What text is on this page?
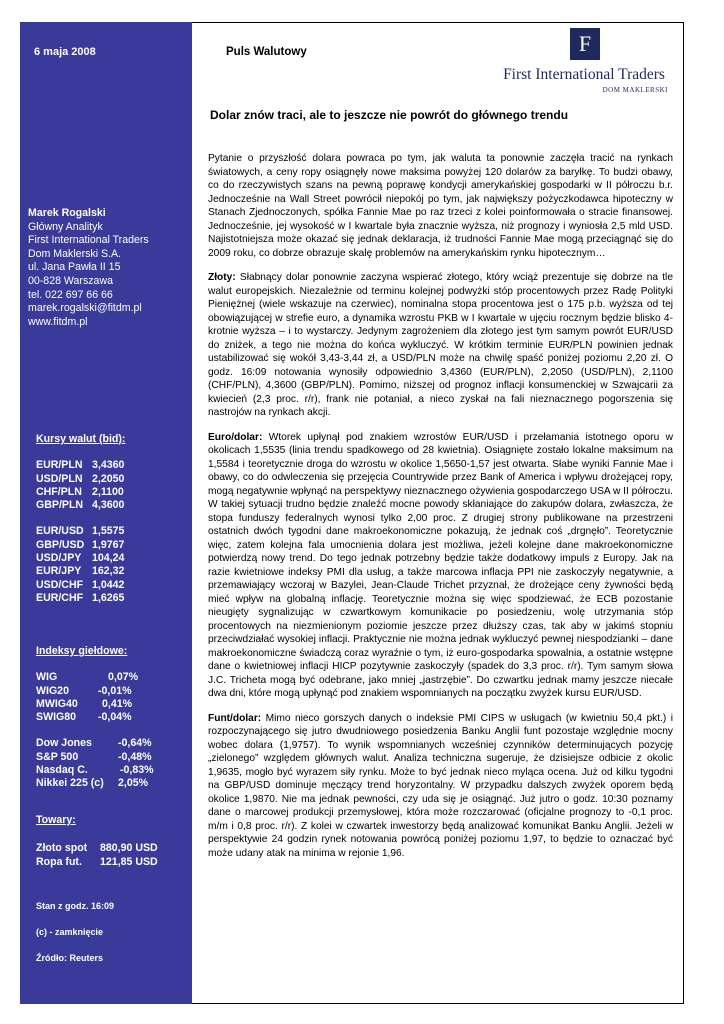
6 maja 2008
Marek Rogalski
Główny Analityk
First International Traders
Dom Maklerski S.A.
ul. Jana Pawła II 15
00-828 Warszawa
tel. 022 697 66 66
marek.rogalski@fitdm.pl
www.fitdm.pl
Kursy walut (bid):
EUR/PLN 3,4360
USD/PLN 2,2050
CHF/PLN 2,1100
GBP/PLN 4,3600
EUR/USD 1,5575
GBP/USD 1,9767
USD/JPY	104,24
EUR/JPY	162,32
USD/CHF 1,0442
EUR/CHF 1,6265
Indeksy giełdowe:
WIG	0,07%
WIG20	-0,01%
MWIG40	0,41%
SWIG80	-0,04%
Dow Jones	-0,64%
S&P 500	-0,48%
Nasdaq C.	-0,83%
Nikkei 225 (c)	2,05%
Towary:
Złoto spot	880,90 USD
Ropa fut.	121,85 USD
Stan z godz. 16:09
(c) - zamknięcie
Źródło: Reuters
Puls Walutowy	F
First International Traders
DOM MAKLERSKI
Dolar znów traci, ale to jeszcze nie powrót do głównego trendu

Pytanie o przyszłość dolara powraca po tym, jak waluta ta ponownie zaczęła tracić na rynkach światowych, a ceny ropy osiągnęły nowe maksima powyżej 120 dolarów za baryłkę. To budzi obawy, co do rzeczywistych szans na pewną poprawę kondycji amerykańskiej gospodarki w II półroczu b.r. Jednocześnie na Wall Street powrócił niepokój po tym, jak największy pożyczkodawca hipoteczny w Stanach Zjednoczonych, spółka Fannie Mae po raz trzeci z kolei poinformowała o stracie finansowej. Jednocześnie, jej wysokość w I kwartale była znacznie wyższa, niż prognozy i wyniosła 2,5 mld USD. Najistotniejsza może okazać się jednak deklaracja, iż trudności Fannie Mae mogą przeciągnąć się do 2009 roku, co dobrze obrazuje skalę problemów na amerykańskim rynku hipotecznym…

Złoty: Słabnący dolar ponownie zaczyna wspierać złotego, który wciąż prezentuje się dobrze na tle walut europejskich. Niezależnie od terminu kolejnej podwyżki stóp procentowych przez Radę Polityki Pieniężnej (wiele wskazuje na czerwiec), nominalna stopa procentowa jest o 175 p.b. wyższa od tej obowiązującej w strefie euro, a dynamika wzrostu PKB w I kwartale w ujęciu rocznym będzie blisko 4-krotnie wyższa – i to wystarczy. Jedynym zagrożeniem dla złotego jest tym samym powrót EUR/USD do zniżek, a tego nie można do końca wykluczyć. W krótkim terminie EUR/PLN powinien jednak ustabilizować się wokół 3,43-3,44 zł, a USD/PLN może na chwilę spaść poniżej poziomu 2,20 zł. O godz. 16:09 notowania wynosiły odpowiednio 3,4360 (EUR/PLN), 2,2050 (USD/PLN), 2,1100 (CHF/PLN), 4,3600 (GBP/PLN). Pomimo, niższej od prognoz inflacji konsumenckiej w Szwajcarii za kwiecień (2,3 proc. r/r), frank nie potaniał, a nieco zyskał na fali nieznacznego pogorszenia się nastrojów na rynkach akcji.

Euro/dolar: Wtorek upłynął pod znakiem wzrostów EUR/USD i przełamania istotnego oporu w okolicach 1,5535 (linia trendu spadkowego od 28 kwietnia). Osiągnięte zostało lokalne maksimum na 1,5584 i teoretycznie droga do wzrostu w okolice 1,5650-1,57 jest otwarta. Słabe wyniki Fannie Mae i obawy, co do odwleczenia się przejęcia Countrywide przez Bank of America i wpływu drożejącej ropy, mogą negatywnie wpłynąć na perspektywy nieznacznego ożywienia gospodarczego USA w II półroczu. W takiej sytuacji trudno będzie znaleźć mocne powody skłaniające do zakupów dolara, zwłaszcza, że stopa funduszy federalnych wynosi tylko 2,00 proc. Z drugiej strony publikowane na przestrzeni ostatnich dwóch tygodni dane makroekonomiczne pokazują, że jednak coś „drgnęło”. Teoretycznie więc, zatem kolejna fala umocnienia dolara jest możliwa, jeżeli kolejne dane makroekonomiczne potwierdzą nowy trend. Do tego jednak potrzebny będzie także dodatkowy impuls z Europy. Jak na razie kwietniowe indeksy PMI dla usług, a także marcowa inflacja PPI nie zaskoczyły negatywnie, a przemawiający wczoraj w Bazylei, Jean-Claude Trichet przyznał, że drożejące ceny żywności będą mieć wpływ na globalną inflację. Teoretycznie można się więc spodziewać, że ECB pozostanie nieugięty sygnalizując w czwartkowym komunikacie po posiedzeniu, wolę utrzymania stóp procentowych na niezmienionym poziomie jeszcze przez dłuższy czas, tak aby w jakimś stopniu przeciwdziałać wysokiej inflacji. Praktycznie nie można jednak wykluczyć pewnej niespodzianki – dane makroekonomiczne świadczą coraz wyraźnie o tym, iż euro-gospodarka spowalnia, a ostatnie wstępne dane o kwietniowej inflacji HICP pozytywnie zaskoczyły (spadek do 3,3 proc. r/r). Tym samym słowa J.C. Tricheta mogą być odebrane, jako mniej „jastrzębie”. Do czwartku jednak mamy jeszcze niecałe dwa dni, które mogą upłynąć pod znakiem wspomnianych na początku zwyżek kursu EUR/USD.

Funt/dolar: Mimo nieco gorszych danych o indeksie PMI CIPS w usługach (w kwietniu 50,4 pkt.) i rozpoczynającego się jutro dwudniowego posiedzenia Banku Anglii funt pozostaje względnie mocny wobec dolara (1,9757). To wynik wspomnianych wcześniej czynników determinujących pozycję „zielonego” względem głównych walut. Analiza techniczna sugeruje, że dzisiejsze odbicie z okolic 1,9635, mogło być wyrazem siły rynku. Może to być jednak nieco myląca ocena. Już od kilku tygodni na GBP/USD dominuje męczący trend horyzontalny. W przypadku dalszych zwyżek oporem będą okolice 1,9870. Nie ma jednak pewności, czy uda się je osiągnąć. Już jutro o godz. 10:30 poznamy dane o marcowej produkcji przemysłowej, która może rozczarować (oficjalne prognozy to -0,1 proc. m/m i 0,8 proc. r/r). Z kolei w czwartek inwestorzy będą analizować komunikat Banku Anglii. Jeżeli w perspektywie 24 godzin rynek notowania powrócą poniżej poziomu 1,97, to będzie to oznaczać być może udany atak na minima w rejonie 1,96.
